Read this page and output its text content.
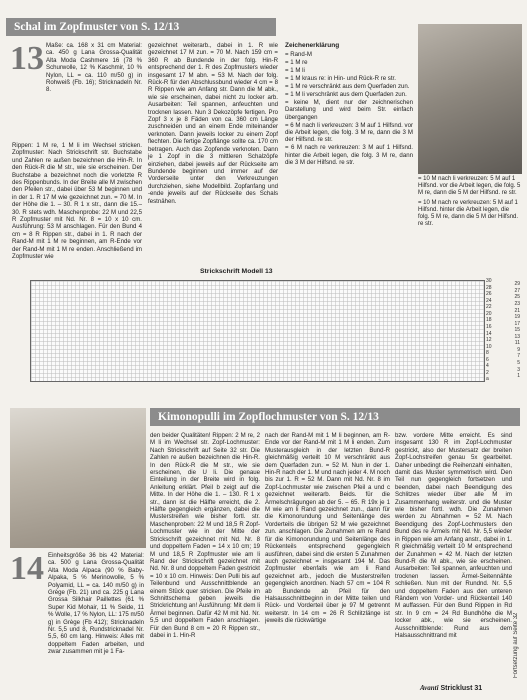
Schal im Zopfmuster von S. 12/13
13 Maße: ca. 168 x 31 cm Material: ca. 450 g Lana Grossa-Qualität Alta Moda Cashmere 16 (78 % Schurwolle, 12 % Kaschmir, 10 % Nylon, LL = ca. 110 m/50 g) in Rohweiß (Fb. 16); Stricknadeln Nr. 8.

Rippen: 1 M re, 1 M li im Wechsel stricken. Zopfmuster: Nach Strickschrift str. Buchstabe und Zahlen re außen bezeichnen die Hin-R. In den Rück-R die M str., wie sie erscheinen. Der Buchstabe a bezeichnet noch die vorletzte R des Rippenbunds. In der Breite alle M zwischen den Pfeilen str., dabei über 53 M beginnen und in der 1. R 17 M wie gezeichnet zun. = 70 M. In der Höhe die 1. – 30. R 1 x str., dann die 15.–30. R stets wdh. Maschenprobe: 22 M und 22,5 R Zopfmuster mit Nd. Nr. 8 = 10 x 10 cm. Ausführung: 53 M anschlagen. Für den Bund 4 cm = 8 R Rippen str., dabei in 1. R nach der Rand-M mit 1 M re beginnen, am R-Ende vor der Rand-M mit 1 M re enden. Anschließend im Zopfmuster wie

gezeichnet weiterarb., dabei in 1. R wie gezeichnet 17 M zun. = 70 M. Nach 159 cm = 360 R ab Bundende in der folg. Hin-R entsprechend der 1. R des Zopfmusters wieder insgesamt 17 M abn. = 53 M. Nach der folg. Rück-R für den Abschlussbund wieder 4 cm = 8 R Rippen wie am Anfang str. Dann die M abk., wie sie erscheinen, dabei nicht zu locker arb. Ausarbeiten: Teil spannen, anfeuchten und trocknen lassen. Nun 3 Dekozöpfe fertigen. Pro Zopf 3 x je 8 Fäden von ca. 360 cm Länge zuschneiden und an einem Ende miteinander verknoten. Dann jeweils locker zu einem Zopf flechten. Die fertige Zopflänge sollte ca. 170 cm betragen. Auch das Zopfende verknoten. Dann je 1 Zopf in die 3 mittleren Schalzöpfe einziehen, dabei jeweils auf der Rückseite am Bundende beginnen und immer auf der Vorderseite unter den Verkreuzungen durchziehen, siehe Modellbild. Zopfanfang und -ende jeweils auf der Rückseite des Schals festnähen.

Zeichenerklärung

= Rand-M

= 1 M re

= 1 M li

= 1 M kraus re: in Hin- und Rück-R re str.

= 1 M re verschränkt aus dem Querfaden zun.

= 1 M li verschränkt aus dem Querfaden zun.

= keine M, dient nur der zeichnerischen Darstellung und wird beim Str. einfach übergangen

= 6 M nach li verkreuzen: 3 M auf 1 Hilfsnd. vor die Arbeit legen, die folg. 3 M re, dann die 3 M der Hilfsnd. re str.

= 6 M nach re verkreuzen: 3 M auf 1 Hilfsnd. hinter die Arbeit legen, die folg. 3 M re, dann die 3 M der Hilfsnd. re str.

= 10 M nach li verkreuzen: 5 M auf 1 Hilfsnd. vor die Arbeit legen, die folg. 5 M re, dann die 5 M der Hilfsnd. re str.

= 10 M nach re verkreuzen: 5 M auf 1 Hilfsnd. hinter die Arbeit legen, die folg. 5 M re, dann die 5 M der Hilfsnd. re str.

Strickschrift Modell 13
30
29
28
27
26
25
24
23
22
21
20
19
18
17
16
15
14
13
12
11
10
9
8
7
6
5
4
3
2
1
a
Kimonopulli im Zopflochmuster von S. 12/13
14 Einheitsgröße 36 bis 42 Material: ca. 500 g Lana Grossa-Qualität Alta Moda Alpaca (90 % Baby-Alpaka, 5 % Merinowolle, 5 % Polyamid, LL = ca. 140 m/50 g) in Grège (Fb. 21) und ca. 225 g Lana Grossa Silkhair Paillettes (61 % Super Kid Mohair, 11 % Seide, 11 % Wolle, 17 % Nylon, LL: 175 m/50 g) in Grège (Fb 412); Stricknadeln Nr. 5,5 und 8, Rundstricknadel Nr. 5,5, 60 cm lang. Hinweis: Alles mit doppeltem Faden arbeiten, und zwar zusammen mit je 1 Fa-

den beider Qualitäten! Rippen: 2 M re, 2 M li im Wechsel str. Zopf-Lochmuster: Nach Strickschrift auf Seite 32 str. Die Zahlen re außen bezeichnen die Hin-R. In den Rück-R die M str., wie sie erscheinen, die U li. Die genaue Einteilung in der Breite wird in folg. Anleitung erklärt. Pfeil b zeigt auf die Mitte. In der Höhe die 1. – 130. R 1 x str., dann ist die Hälfte erreicht, die 2. Hälfte gegengleich ergänzen, dabei die Musterstreifen wie bisher fortl. str. Maschenproben: 22 M und 18,5 R Zopf-Lochmuster wie in der Mitte der Strickschrift gezeichnet mit Nd. Nr. 8 und doppeltem Faden = 14 x 10 cm; 19 M und 18,5 R Zopfmuster wie am li Rand der Strickschrift gezeichnet mit Nd. Nr. 8 und doppeltem Faden gestrickt = 10 x 10 cm. Hinweis: Den Pulli bis auf Teilenbund und Ausschnittblende an einem Stück quer stricken. Die Pfeile im Schnittschema geben jeweils die Strickrichtung an! Ausführung: Mit dem li Ärmel beginnen. Dafür 42 M mit Nd. Nr. 5,5 und doppeltem Faden anschlagen. Für den Bund 8 cm = 20 R Rippen str., dabei in 1. Hin-R

nach der Rand-M mit 1 M li beginnen, am R-Ende vor der Rand-M mit 1 M li enden. Zum Musterausgleich in der letzten Bund-R gleichmäßig verteilt 10 M verschränkt aus dem Querfaden zun. = 52 M. Nun in der 1. Hin-R nach der 1. M und nach jeder 4. M noch bis zur 1. R = 52 M. Dann mit Nd. Nr. 8 im Zopf-Lochmuster wie zwischen Pfeil a und c gezeichnet weiterarb. Beids. für die Ärmelschrägungen ab der 5. – 65. R 19x je 1 M wie am li Rand gezeichnet zun., dann für die Kimonorundung und Seitenlänge des Vorderteils die übrigen 52 M wie gezeichnet zun. anschlagen. Die Zunahmen am re Rand für die Kimonorundung und Seitenlänge des Rückenteils entsprechend gegengleich ausführen, dabei sind die ersten 5 Zunahmen auch gezeichnet = insgesamt 194 M. Das Zopfmuster ebenfalls wie am li Rand gezeichnet arb., jedoch die Musterstreifen gegengleich anordnen. Nach 57 cm = 104 R ab Bundende ab Pfeil für den Halsausschnittbeginn in der Mitte teilen und Rück- und Vorderteil über je 97 M getrennt weiterstr. In 14 cm = 26 R Schlitzlänge ist jeweils die rückwärtige

bzw. vordere Mitte erreicht. Es sind insgesamt 130 R im Zopf-Lochmuster gestrickt, also der Mustersatz der breiten Zopf-Lochstreifen genau 5x gearbeitet. Daher unbedingt die Reihenzahl einhalten, damit das Muster symmetrisch wird. Den Teil nun gegengleich fortsetzen und beenden, dabei nach Beendigung des Schlitzes wieder über alle M im Zusammenhang weiterstr. und die Muster wie bisher fortl. wdh. Die Zunahmen werden zu Abnahmen = 52 M. Nach Beendigung des Zopf-Lochmusters den Bund des re Ärmels mit Nd. Nr. 5,5 wieder in Rippen wie am Anfang anstr., dabei in 1. R gleichmäßig verteilt 10 M entsprechend der Zunahmen = 42 M. Nach der letzten Bund-R die M abk., wie sie erscheinen. Ausarbeiten: Teil spannen, anfeuchten und trocknen lassen. Ärmel-Seitennähte schließen. Nun mit der Rundnd. Nr. 5,5 und doppeltem Faden aus den unteren Rändern von Vorder- und Rückenteil 140 M auffassen. Für den Bund Rippen in Rd str. In 9 cm = 24 Rd Bundhöhe die M locker abk., wie sie erscheinen. Ausschnittblende: Rund aus dem Halsausschnittrand mit	Fortsetzung auf Seite 32
Avanti Stricklust 31
